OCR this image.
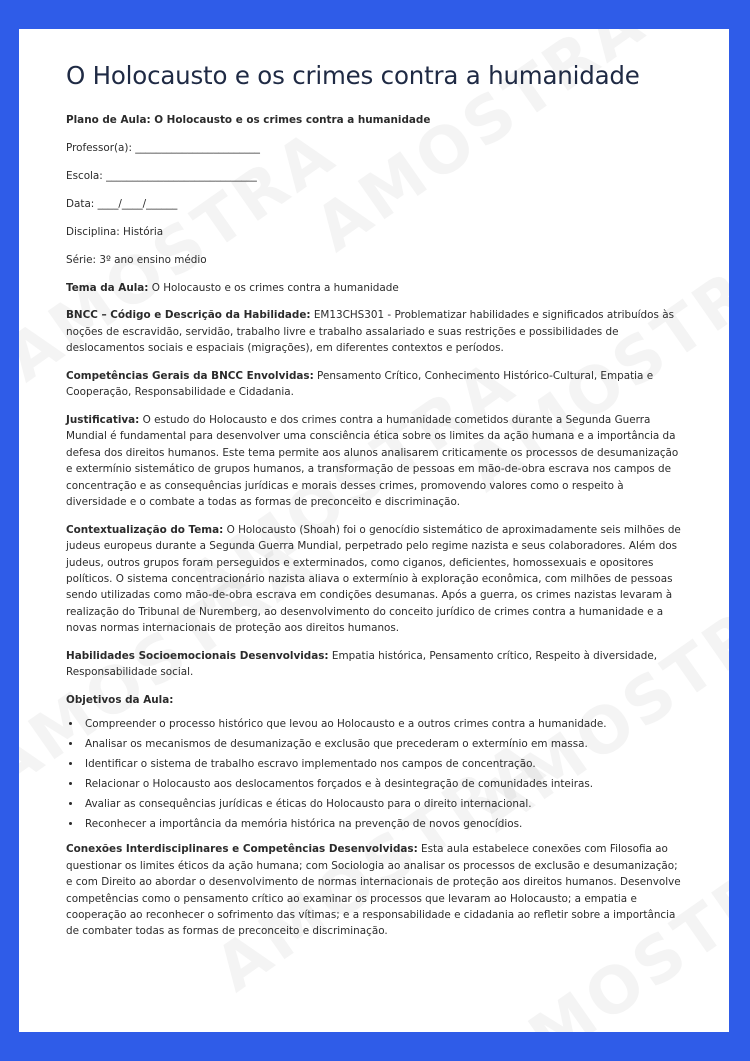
O Holocausto e os crimes contra a humanidade

Plano de Aula: O Holocausto e os crimes contra a humanidade

Professor(a): ________________________

Escola: _____________________________

Data: ____/____/______

Disciplina: História

Série: 3º ano ensino médio

Tema da Aula: O Holocausto e os crimes contra a humanidade

BNCC – Código e Descrição da Habilidade: EM13CHS301 - Problematizar habilidades e significados atribuídos às noções de escravidão, servidão, trabalho livre e trabalho assalariado e suas restrições e possibilidades de deslocamentos sociais e espaciais (migrações), em diferentes contextos e períodos.

Competências Gerais da BNCC Envolvidas: Pensamento Crítico, Conhecimento Histórico-Cultural, Empatia e Cooperação, Responsabilidade e Cidadania.

Justificativa: O estudo do Holocausto e dos crimes contra a humanidade cometidos durante a Segunda Guerra Mundial é fundamental para desenvolver uma consciência ética sobre os limites da ação humana e a importância da defesa dos direitos humanos. Este tema permite aos alunos analisarem criticamente os processos de desumanização e extermínio sistemático de grupos humanos, a transformação de pessoas em mão-de-obra escrava nos campos de concentração e as consequências jurídicas e morais desses crimes, promovendo valores como o respeito à diversidade e o combate a todas as formas de preconceito e discriminação.

Contextualização do Tema: O Holocausto (Shoah) foi o genocídio sistemático de aproximadamente seis milhões de judeus europeus durante a Segunda Guerra Mundial, perpetrado pelo regime nazista e seus colaboradores. Além dos judeus, outros grupos foram perseguidos e exterminados, como ciganos, deficientes, homossexuais e opositores políticos. O sistema concentracionário nazista aliava o extermínio à exploração econômica, com milhões de pessoas sendo utilizadas como mão-de-obra escrava em condições desumanas. Após a guerra, os crimes nazistas levaram à realização do Tribunal de Nuremberg, ao desenvolvimento do conceito jurídico de crimes contra a humanidade e a novas normas internacionais de proteção aos direitos humanos.

Habilidades Socioemocionais Desenvolvidas: Empatia histórica, Pensamento crítico, Respeito à diversidade, Responsabilidade social.

Objetivos da Aula:

• Compreender o processo histórico que levou ao Holocausto e a outros crimes contra a humanidade.
• Analisar os mecanismos de desumanização e exclusão que precederam o extermínio em massa.
• Identificar o sistema de trabalho escravo implementado nos campos de concentração.
• Relacionar o Holocausto aos deslocamentos forçados e à desintegração de comunidades inteiras.
• Avaliar as consequências jurídicas e éticas do Holocausto para o direito internacional.
• Reconhecer a importância da memória histórica na prevenção de novos genocídios.

Conexões Interdisciplinares e Competências Desenvolvidas: Esta aula estabelece conexões com Filosofia ao questionar os limites éticos da ação humana; com Sociologia ao analisar os processos de exclusão e desumanização; e com Direito ao abordar o desenvolvimento de normas internacionais de proteção aos direitos humanos. Desenvolve competências como o pensamento crítico ao examinar os processos que levaram ao Holocausto; a empatia e cooperação ao reconhecer o sofrimento das vítimas; e a responsabilidade e cidadania ao refletir sobre a importância de combater todas as formas de preconceito e discriminação.
